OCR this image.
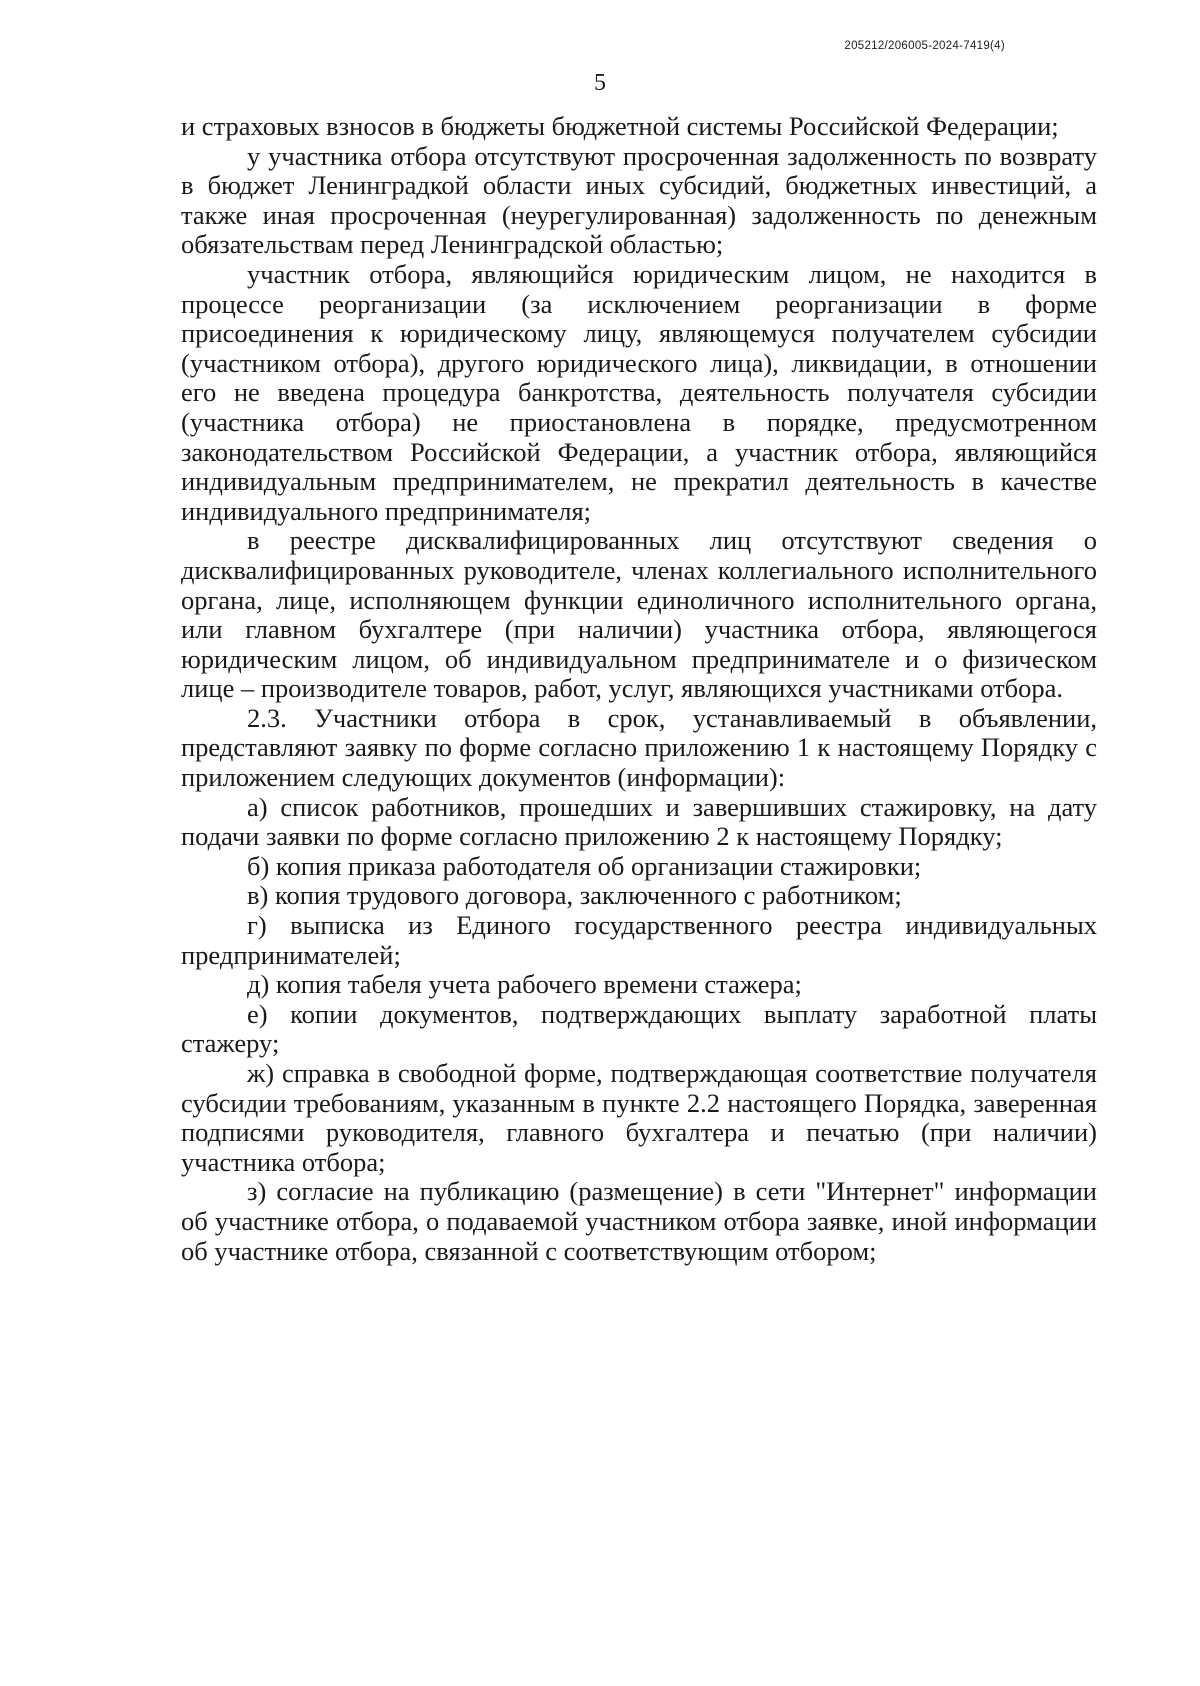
205212/206005-2024-7419(4)
5

и страховых взносов в бюджеты бюджетной системы Российской Федерации;

у участника отбора отсутствуют просроченная задолженность по возврату в бюджет Ленинградкой области иных субсидий, бюджетных инвестиций, а также иная просроченная (неурегулированная) задолженность по денежным обязательствам перед Ленинградской областью;

участник отбора, являющийся юридическим лицом, не находится в процессе реорганизации (за исключением реорганизации в форме присоединения к юридическому лицу, являющемуся получателем субсидии (участником отбора), другого юридического лица), ликвидации, в отношении его не введена процедура банкротства, деятельность получателя субсидии (участника отбора) не приостановлена в порядке, предусмотренном законодательством Российской Федерации, а участник отбора, являющийся индивидуальным предпринимателем, не прекратил деятельность в качестве индивидуального предпринимателя;

в реестре дисквалифицированных лиц отсутствуют сведения о дисквалифицированных руководителе, членах коллегиального исполнительного органа, лице, исполняющем функции единоличного исполнительного органа, или главном бухгалтере (при наличии) участника отбора, являющегося юридическим лицом, об индивидуальном предпринимателе и о физическом лице – производителе товаров, работ, услуг, являющихся участниками отбора.

2.3. Участники отбора в срок, устанавливаемый в объявлении, представляют заявку по форме согласно приложению 1 к настоящему Порядку с приложением следующих документов (информации):

а) список работников, прошедших и завершивших стажировку, на дату подачи заявки по форме согласно приложению 2 к настоящему Порядку;

б) копия приказа работодателя об организации стажировки;

в) копия трудового договора, заключенного с работником;

г) выписка из Единого государственного реестра индивидуальных предпринимателей;

д) копия табеля учета рабочего времени стажера;

е) копии документов, подтверждающих выплату заработной платы стажеру;

ж) справка в свободной форме, подтверждающая соответствие получателя субсидии требованиям, указанным в пункте 2.2 настоящего Порядка, заверенная подписями руководителя, главного бухгалтера и печатью (при наличии) участника отбора;

з) согласие на публикацию (размещение) в сети "Интернет" информации об участнике отбора, о подаваемой участником отбора заявке, иной информации об участнике отбора, связанной с соответствующим отбором;
